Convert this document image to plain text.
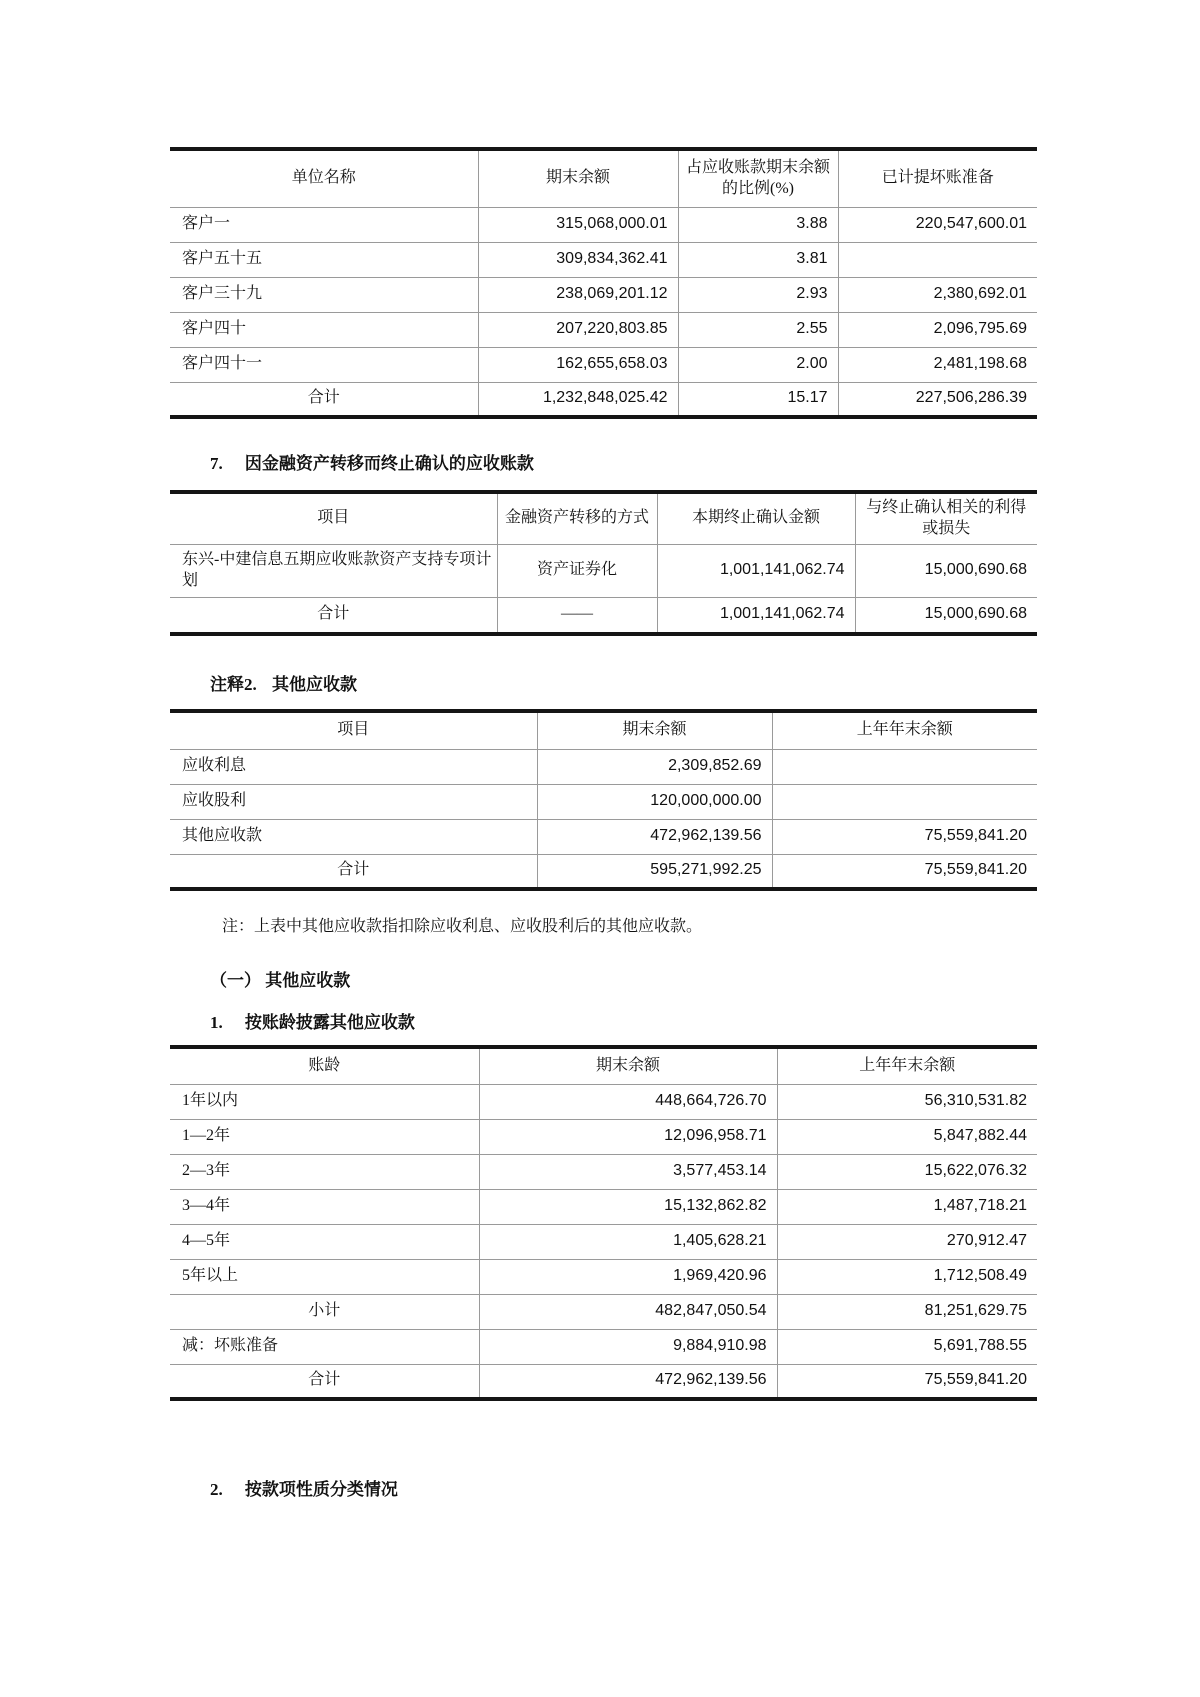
单位名称	期末余额	占应收账款期末余额的比例(%)	已计提坏账准备
客户一	315,068,000.01	3.88	220,547,600.01
客户五十五	309,834,362.41	3.81	
客户三十九	238,069,201.12	2.93	2,380,692.01
客户四十	207,220,803.85	2.55	2,096,795.69
客户四十一	162,655,658.03	2.00	2,481,198.68
合计	1,232,848,025.42	15.17	227,506,286.39
7. 因金融资产转移而终止确认的应收账款
项目	金融资产转移的方式	本期终止确认金额	与终止确认相关的利得或损失
东兴-中建信息五期应收账款资产支持专项计划	资产证券化	1,001,141,062.74	15,000,690.68
合计	——	1,001,141,062.74	15,000,690.68
注释2. 其他应收款
项目	期末余额	上年年末余额
应收利息	2,309,852.69	
应收股利	120,000,000.00	
其他应收款	472,962,139.56	75,559,841.20
合计	595,271,992.25	75,559,841.20
注：上表中其他应收款指扣除应收利息、应收股利后的其他应收款。
（一） 其他应收款
1. 按账龄披露其他应收款
账龄	期末余额	上年年末余额
1年以内	448,664,726.70	56,310,531.82
1—2年	12,096,958.71	5,847,882.44
2—3年	3,577,453.14	15,622,076.32
3—4年	15,132,862.82	1,487,718.21
4—5年	1,405,628.21	270,912.47
5年以上	1,969,420.96	1,712,508.49
小计	482,847,050.54	81,251,629.75
减：坏账准备	9,884,910.98	5,691,788.55
合计	472,962,139.56	75,559,841.20
2. 按款项性质分类情况
